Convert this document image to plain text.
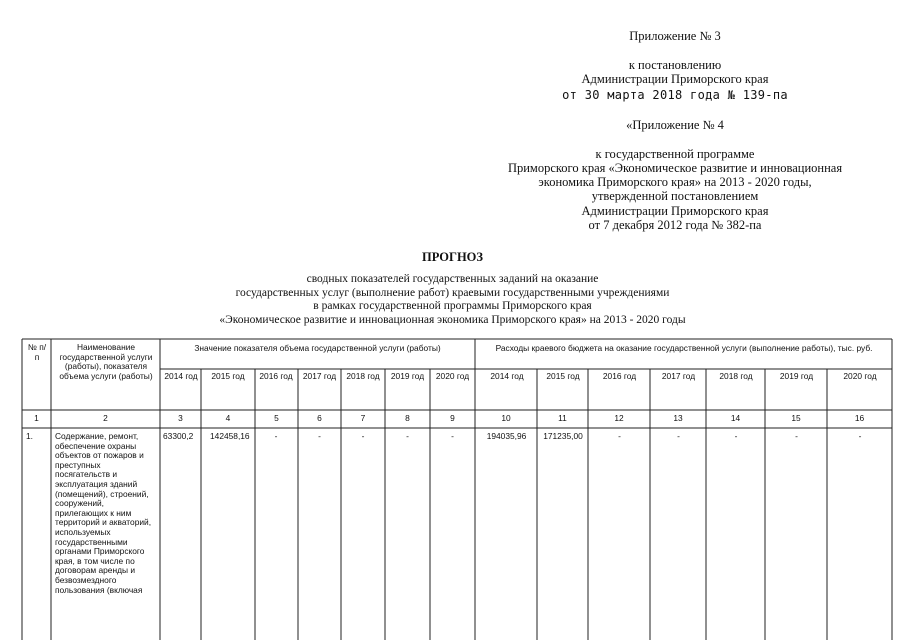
Приложение № 3
к постановлению
Администрации Приморского края
от 30 марта 2018 года № 139-па
«Приложение № 4
к государственной программе
Приморского края «Экономическое развитие и инновационная
экономика Приморского края» на 2013 - 2020 годы,
утвержденной постановлением
Администрации Приморского края
от 7 декабря 2012 года № 382-па
ПРОГНОЗ
сводных показателей государственных заданий на оказание
государственных услуг (выполнение работ) краевыми государственными учреждениями
в рамках государственной программы Приморского края
«Экономическое развитие и инновационная экономика Приморского края» на 2013 - 2020 годы
№ п/п
Наименование государственной услуги (работы), показателя объема услуги (работы)
Значение показателя объема государственной услуги (работы)	Расходы краевого бюджета на оказание государственной услуги (выполнение работы), тыс. руб.
2014 год	2015 год	2016 год 2017 год 2018 год	2019 год	2020 год	2014 год	2015 год	2016 год	2017 год	2018 год	2019 год	2020 год
1	2	3	4	5	6	7	8	9	10	11	12	13	14	15	16
1.	Содержание, ремонт, обеспечение охраны объектов от пожаров и преступных посягательств и эксплуатация зданий (помещений), строений, сооружений, прилегающих к ним территорий и акваторий, используемых государственными органами Приморского края, в том числе по договорам аренды и безвозмездного пользования (включая
63300,2	142458,16	-	-	-	-	-	194035,96	171235,00	-	-	-	-	-
